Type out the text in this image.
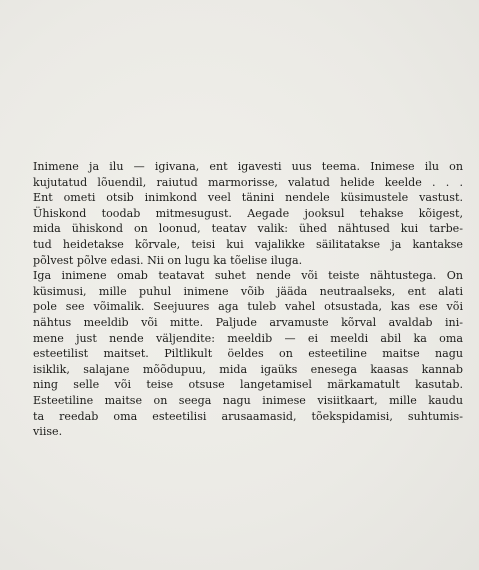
Inimene ja ilu — igivana, ent igavesti uus teema. Inimese ilu on
kujutatud lõuendil, raiutud marmorisse, valatud helide keelde . . .
Ent ometi otsib inimkond veel tänini nendele küsimustele vastust.
Ühiskond toodab mitmesugust. Aegade jooksul tehakse kõigest,
mida ühiskond on loonud, teatav valik: ühed nähtused kui tarbe-
tud heidetakse kõrvale, teisi kui vajalikke säilitatakse ja kantakse
põlvest põlve edasi. Nii on lugu ka tõelise iluga.
Iga inimene omab teatavat suhet nende või teiste nähtustega. On
küsimusi, mille puhul inimene võib jääda neutraalseks, ent alati
pole see võimalik. Seejuures aga tuleb vahel otsustada, kas ese või
nähtus meeldib või mitte. Paljude arvamuste kõrval avaldab ini-
mene just nende väljendite: meeldib — ei meeldi abil ka oma
esteetilist maitset. Piltlikult öeldes on esteetiline maitse nagu
isiklik, salajane mõõdupuu, mida igaüks enesega kaasas kannab
ning selle või teise otsuse langetamisel märkamatult kasutab.
Esteetiline maitse on seega nagu inimese visiitkaart, mille kaudu
ta reedab oma esteetilisi arusaamasid, tõekspidamisi, suhtumis-
viise.
